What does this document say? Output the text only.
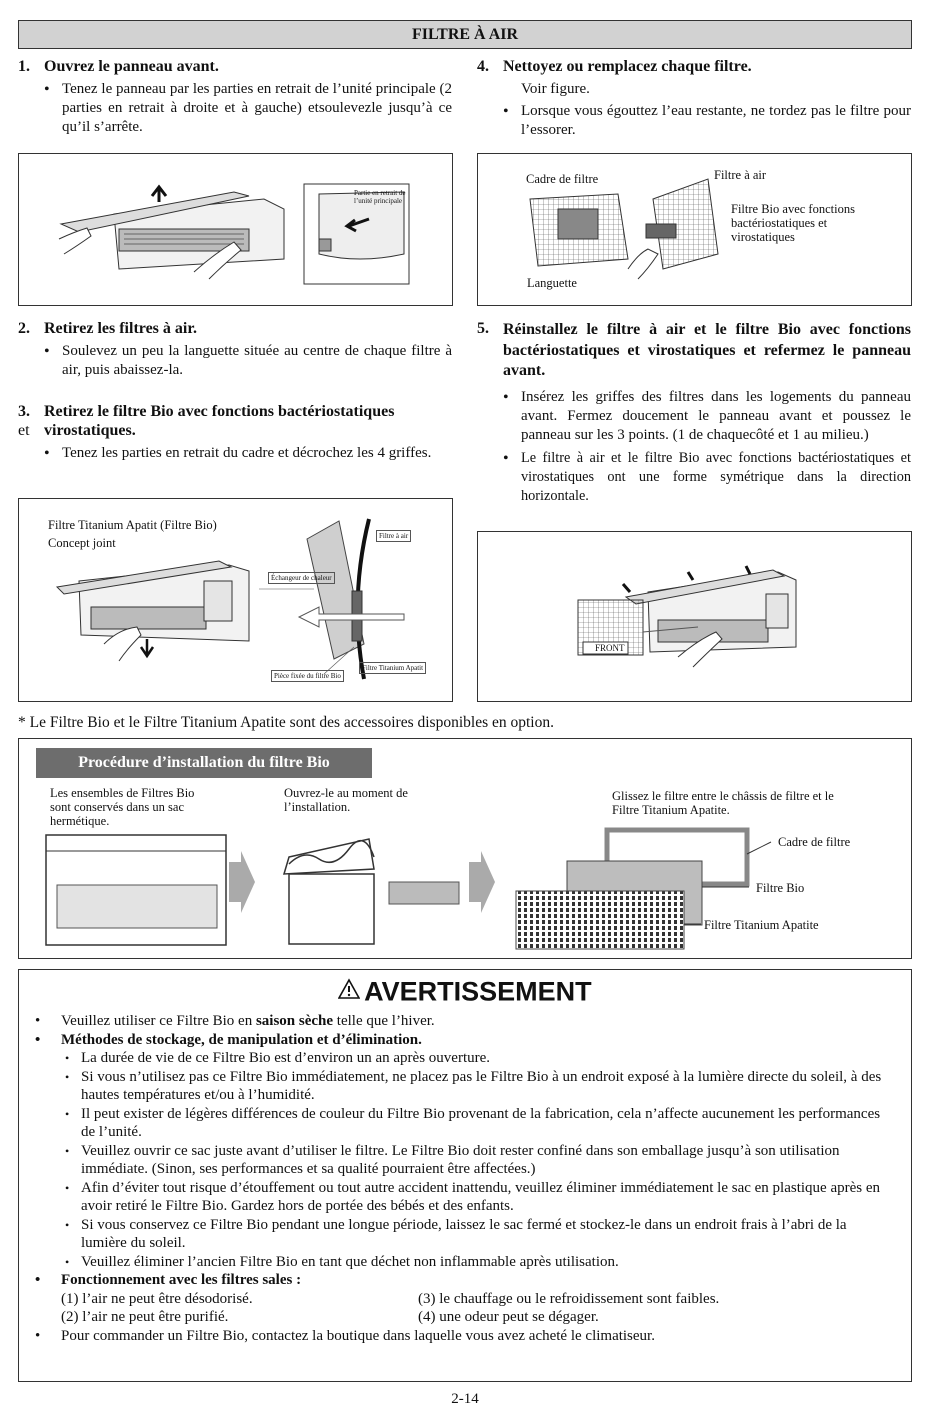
FILTRE À AIR
1. Ouvrez le panneau avant.
• Tenez le panneau par les parties en retrait de l’unité principale (2 parties en retrait à droite et à gauche) etsoulevezle jusqu’à ce qu’il s’arrête.
4. Nettoyez ou remplacez chaque filtre.
Voir figure.
• Lorsque vous égouttez l’eau restante, ne tordez pas le filtre pour l’essorer.
Partie en retrait de l’unité principale
Cadre de filtre	Filtre à air
Filtre Bio avec fonctions bactériostatiques et virostatiques
Languette
2. Retirez les filtres à air.
• Soulevez un peu la languette située au centre de chaque filtre à air, puis abaissez-la.
3. Retirez le filtre Bio avec fonctions bactériostatiques
et virostatiques.
• Tenez les parties en retrait du cadre et décrochez les 4 griffes.
5. Réinstallez le filtre à air et le filtre Bio avec fonctions bactériostatiques et virostatiques et refermez le panneau avant.
• Insérez les griffes des filtres dans les logements du panneau avant. Fermez doucement le panneau avant et poussez le panneau sur les 3 points. (1 de chaquecôté et 1 au milieu.)
• Le filtre à air et le filtre Bio avec fonctions bactériostatiques et virostatiques ont une forme symétrique dans la direction horizontale.
Filtre Titanium Apatit (Filtre Bio)
Concept joint	Filtre à air
Échangeur de chaleur
Filtre Titanium Apatit
Pièce fixée du filtre Bio
FRONT
* Le Filtre Bio et le Filtre Titanium Apatite sont des accessoires disponibles en option.
Procédure d’installation du filtre Bio
Les ensembles de Filtres Bio sont conservés dans un sac hermétique.
Ouvrez-le au moment de l’installation.
Glissez le filtre entre le châssis de filtre et le Filtre Titanium Apatite.
Cadre de filtre
Filtre Bio
Filtre Titanium Apatite
AVERTISSEMENT
• Veuillez utiliser ce Filtre Bio en saison sèche telle que l’hiver.
• Méthodes de stockage, de manipulation et d’élimination.
• La durée de vie de ce Filtre Bio est d’environ un an après ouverture.
• Si vous n’utilisez pas ce Filtre Bio immédiatement, ne placez pas le Filtre Bio à un endroit exposé à la lumière directe du soleil, à des hautes températures et/ou à l’humidité.
• Il peut exister de légères différences de couleur du Filtre Bio provenant de la fabrication, cela n’affecte aucunement les performances de l’unité.
• Veuillez ouvrir ce sac juste avant d’utiliser le filtre. Le Filtre Bio doit rester confiné dans son emballage jusqu’à son utilisation immédiate. (Sinon, ses performances et sa qualité pourraient être affectées.)
• Afin d’éviter tout risque d’étouffement ou tout autre accident inattendu, veuillez éliminer immédiatement le sac en plastique après en avoir retiré le Filtre Bio. Gardez hors de portée des bébés et des enfants.
• Si vous conservez ce Filtre Bio pendant une longue période, laissez le sac fermé et stockez-le dans un endroit frais à l’abri de la lumière du soleil.
• Veuillez éliminer l’ancien Filtre Bio en tant que déchet non inflammable après utilisation.
• Fonctionnement avec les filtres sales :
(1) l’air ne peut être désodorisé.	(3) le chauffage ou le refroidissement sont faibles.
(2) l’air ne peut être purifié.	(4) une odeur peut se dégager.
• Pour commander un Filtre Bio, contactez la boutique dans laquelle vous avez acheté le climatiseur.
2-14
